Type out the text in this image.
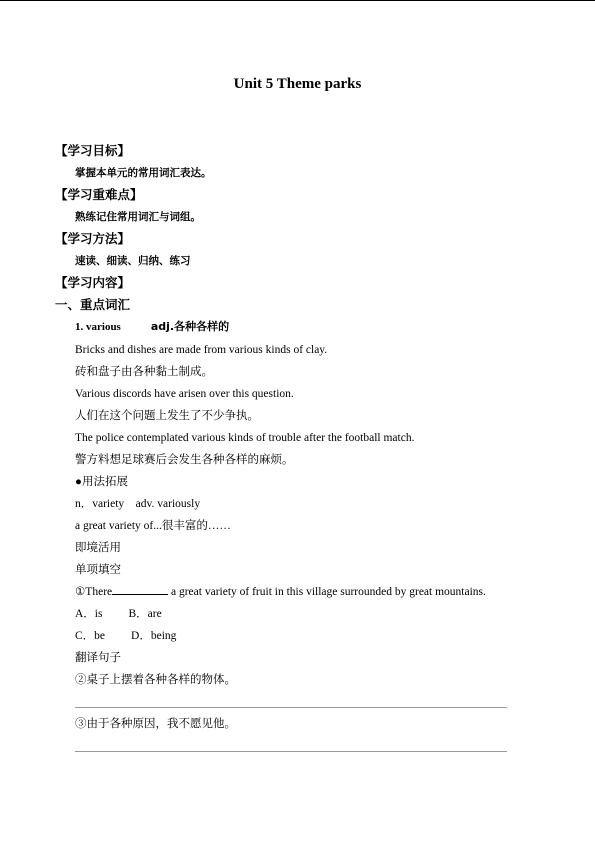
Unit 5 Theme parks
【学习目标】
掌握本单元的常用词汇表达。
【学习重难点】
熟练记住常用词汇与词组。
【学习方法】
速读、细读、归纳、练习
【学习内容】
一、重点词汇
1. various	adj.各种各样的
Bricks and dishes are made from various kinds of clay.
砖和盘子由各种黏土制成。
Various discords have arisen over this question.
人们在这个问题上发生了不少争执。
The police contemplated various kinds of trouble after the football match.
警方料想足球赛后会发生各种各样的麻烦。
●用法拓展
n．variety　adv. variously
a great variety of...很丰富的……
即境活用
单项填空
①There	a great variety of fruit in this village surrounded by great mountains.
A．is B．are
C．be D．being
翻译句子
②桌子上摆着各种各样的物体。
③由于各种原因，我不愿见他。
